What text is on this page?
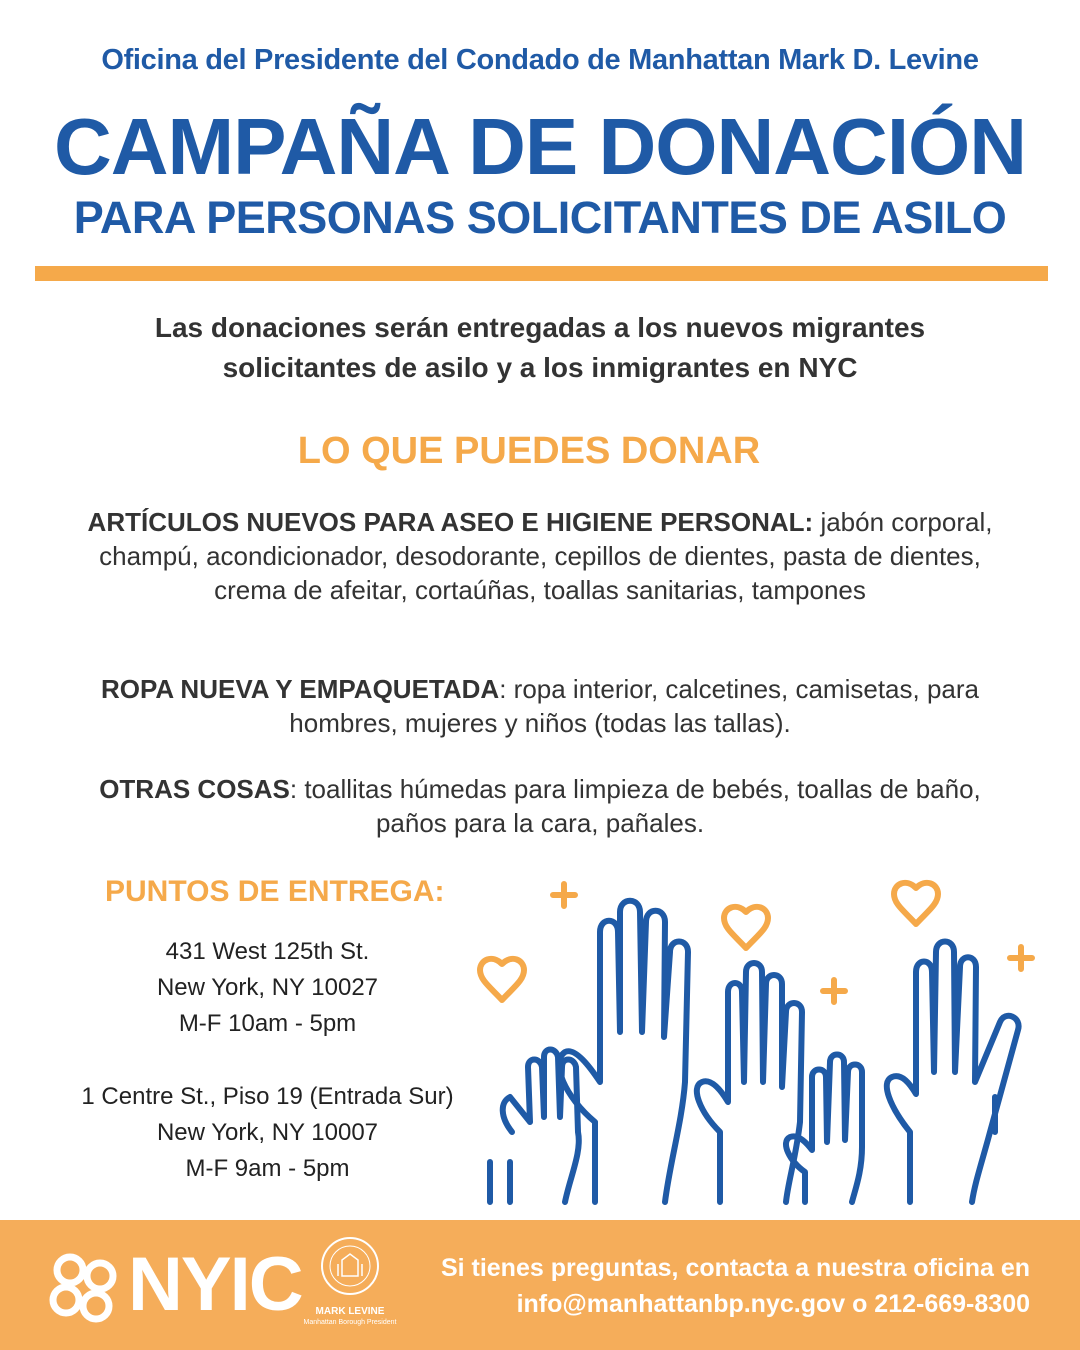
Oficina del Presidente del Condado de Manhattan Mark D. Levine
CAMPAÑA DE DONACIÓN
PARA PERSONAS SOLICITANTES DE ASILO
Las donaciones serán entregadas a los nuevos migrantes
solicitantes de asilo y a los inmigrantes en NYC
LO QUE PUEDES DONAR
ARTÍCULOS NUEVOS PARA ASEO E HIGIENE PERSONAL: jabón corporal, champú, acondicionador, desodorante, cepillos de dientes, pasta de dientes, crema de afeitar, cortaúñas, toallas sanitarias, tampones
ROPA NUEVA Y EMPAQUETADA: ropa interior, calcetines, camisetas, para hombres, mujeres y niños (todas las tallas).
OTRAS COSAS: toallitas húmedas para limpieza de bebés, toallas de baño, paños para la cara, pañales.
PUNTOS DE ENTREGA:
431 West 125th St.
New York, NY 10027
M-F 10am - 5pm
1 Centre St., Piso 19 (Entrada Sur)
New York, NY 10007
M-F 9am - 5pm
NYIC	MARK LEVINE
Manhattan Borough President
Si tienes preguntas, contacta a nuestra oficina en
info@manhattanbp.nyc.gov o 212-669-8300
